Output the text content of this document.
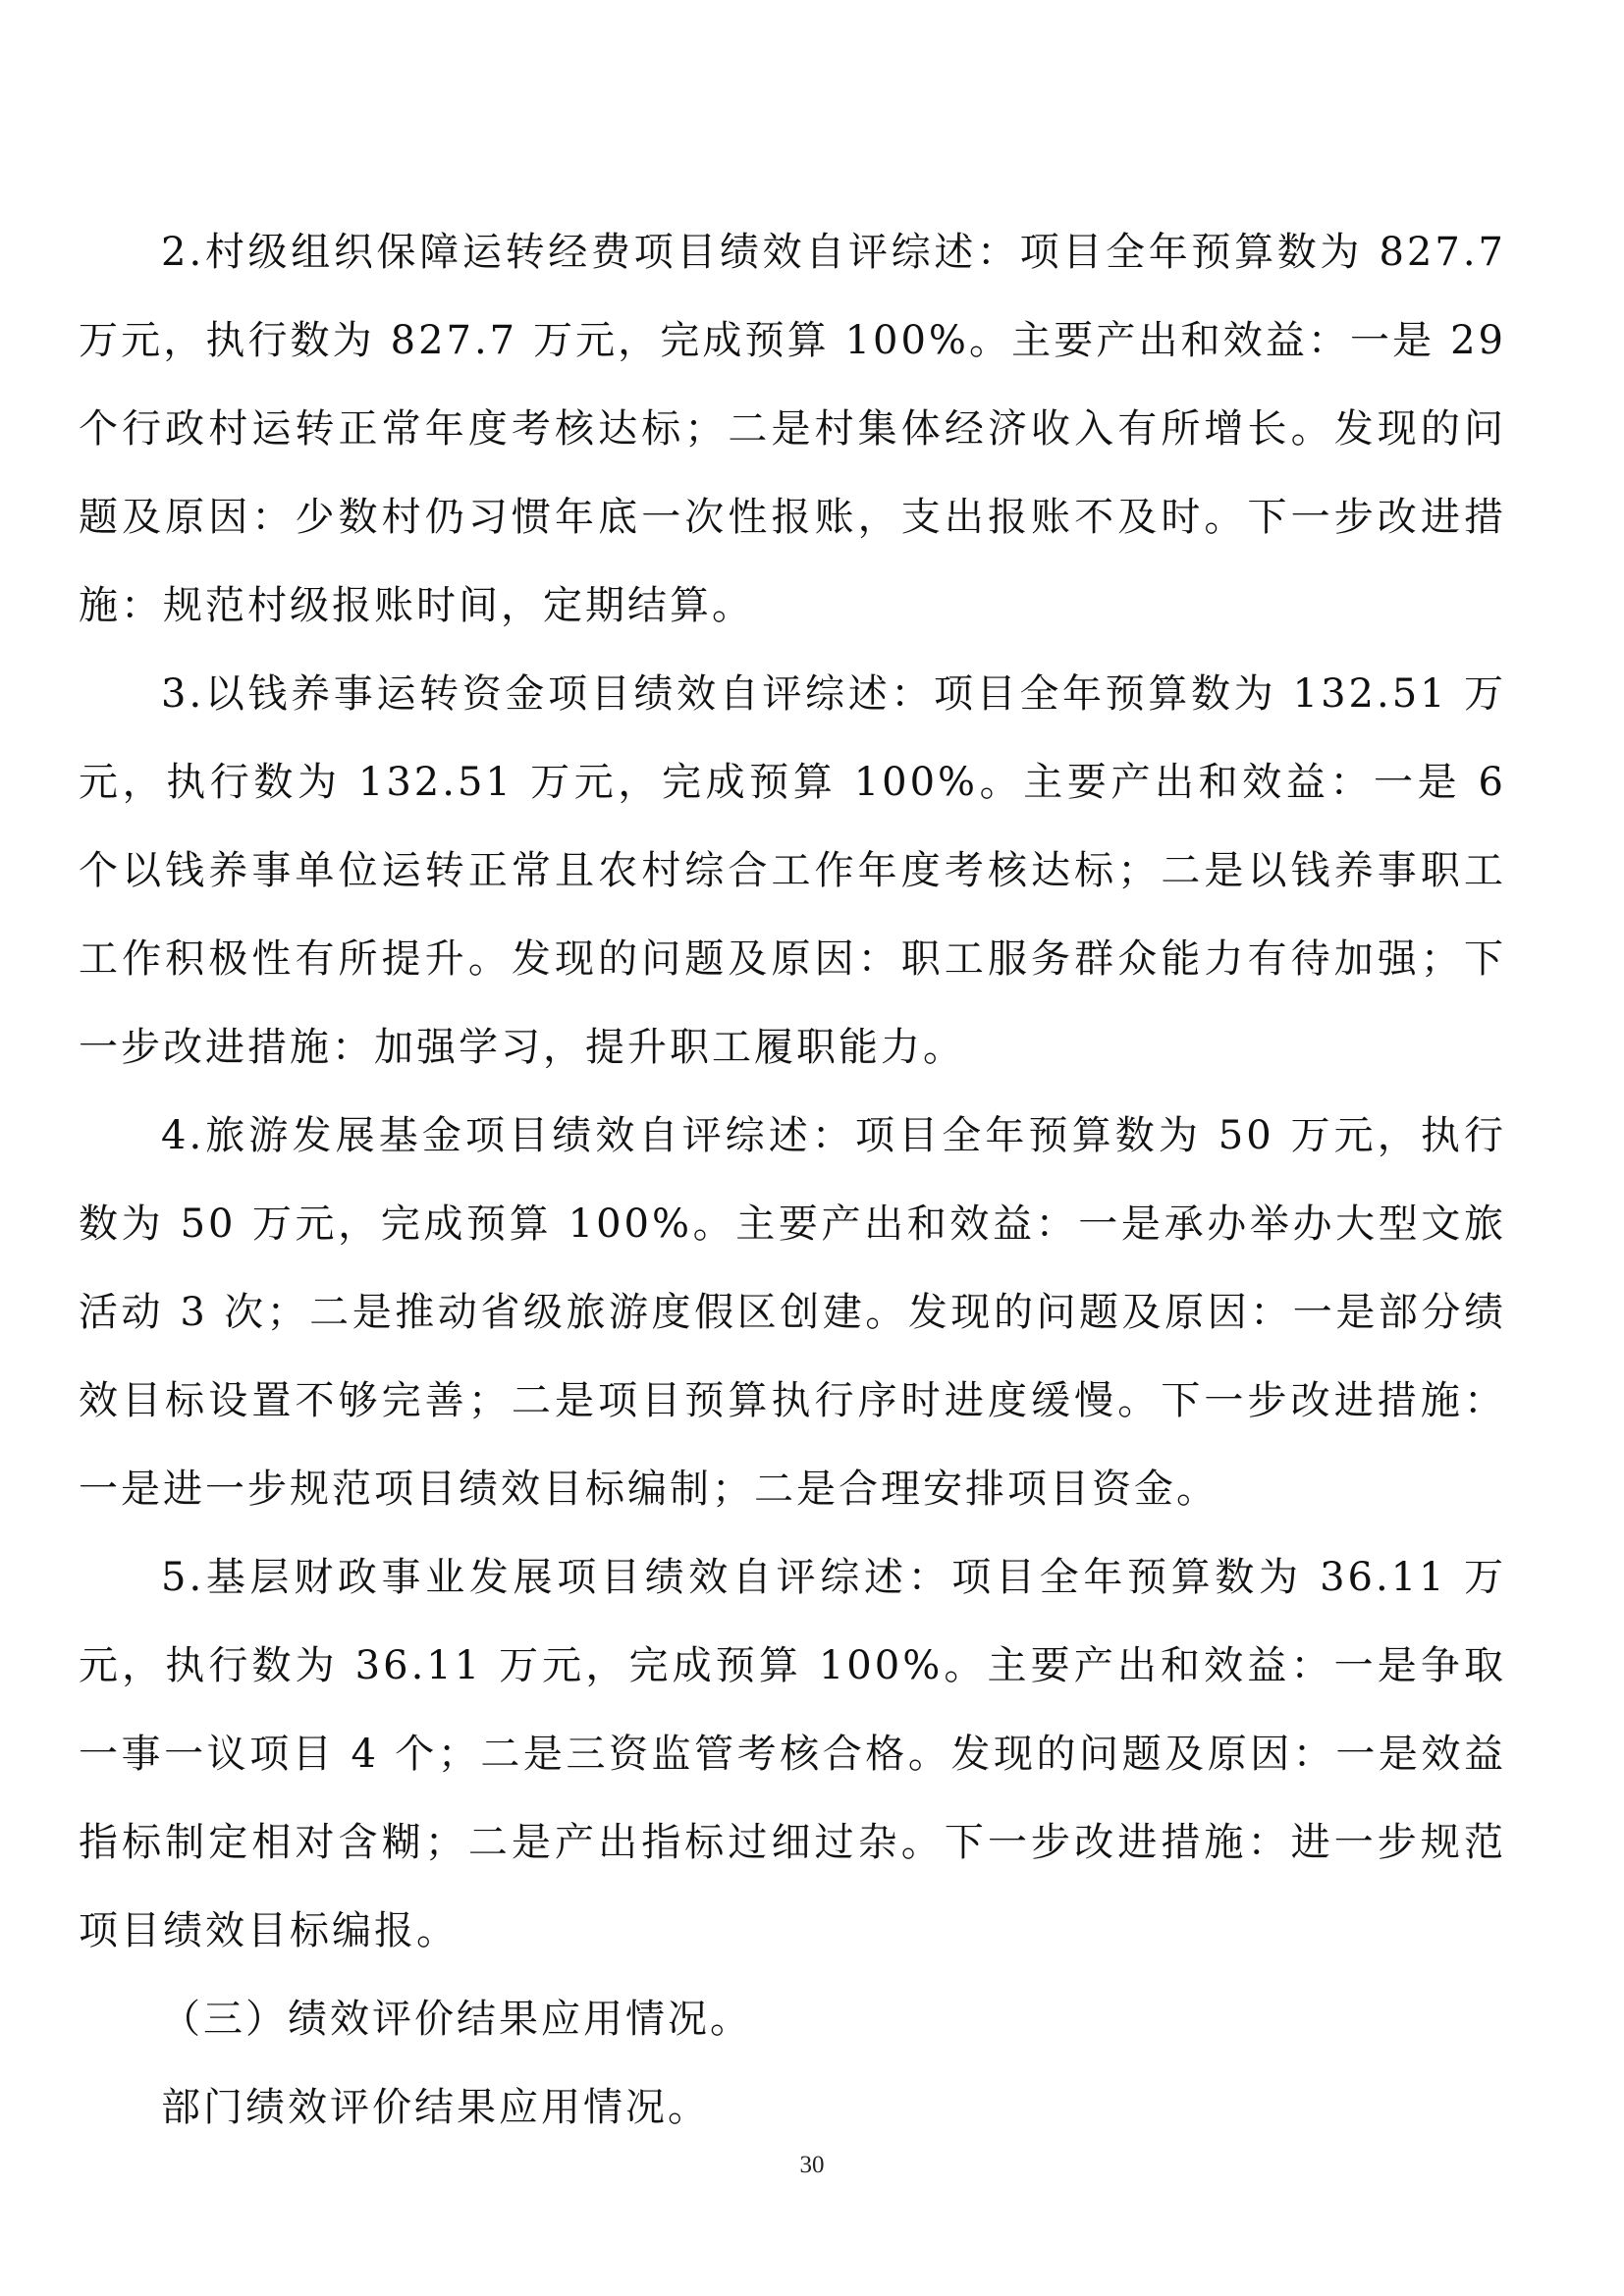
2.村级组织保障运转经费项目绩效自评综述：项目全年预算数为 827.7 万元，执行数为 827.7 万元，完成预算 100%。主要产出和效益：一是 29 个行政村运转正常年度考核达标；二是村集体经济收入有所增长。发现的问题及原因：少数村仍习惯年底一次性报账，支出报账不及时。下一步改进措施：规范村级报账时间，定期结算。

3.以钱养事运转资金项目绩效自评综述：项目全年预算数为 132.51 万元，执行数为 132.51 万元，完成预算 100%。主要产出和效益：一是 6 个以钱养事单位运转正常且农村综合工作年度考核达标；二是以钱养事职工工作积极性有所提升。发现的问题及原因：职工服务群众能力有待加强；下一步改进措施：加强学习，提升职工履职能力。

4.旅游发展基金项目绩效自评综述：项目全年预算数为 50 万元，执行数为 50 万元，完成预算 100%。主要产出和效益：一是承办举办大型文旅活动 3 次；二是推动省级旅游度假区创建。发现的问题及原因：一是部分绩效目标设置不够完善；二是项目预算执行序时进度缓慢。下一步改进措施：一是进一步规范项目绩效目标编制；二是合理安排项目资金。

5.基层财政事业发展项目绩效自评综述：项目全年预算数为 36.11 万元，执行数为 36.11 万元，完成预算 100%。主要产出和效益：一是争取一事一议项目 4 个；二是三资监管考核合格。发现的问题及原因：一是效益指标制定相对含糊；二是产出指标过细过杂。下一步改进措施：进一步规范项目绩效目标编报。

（三）绩效评价结果应用情况。

部门绩效评价结果应用情况。

30
